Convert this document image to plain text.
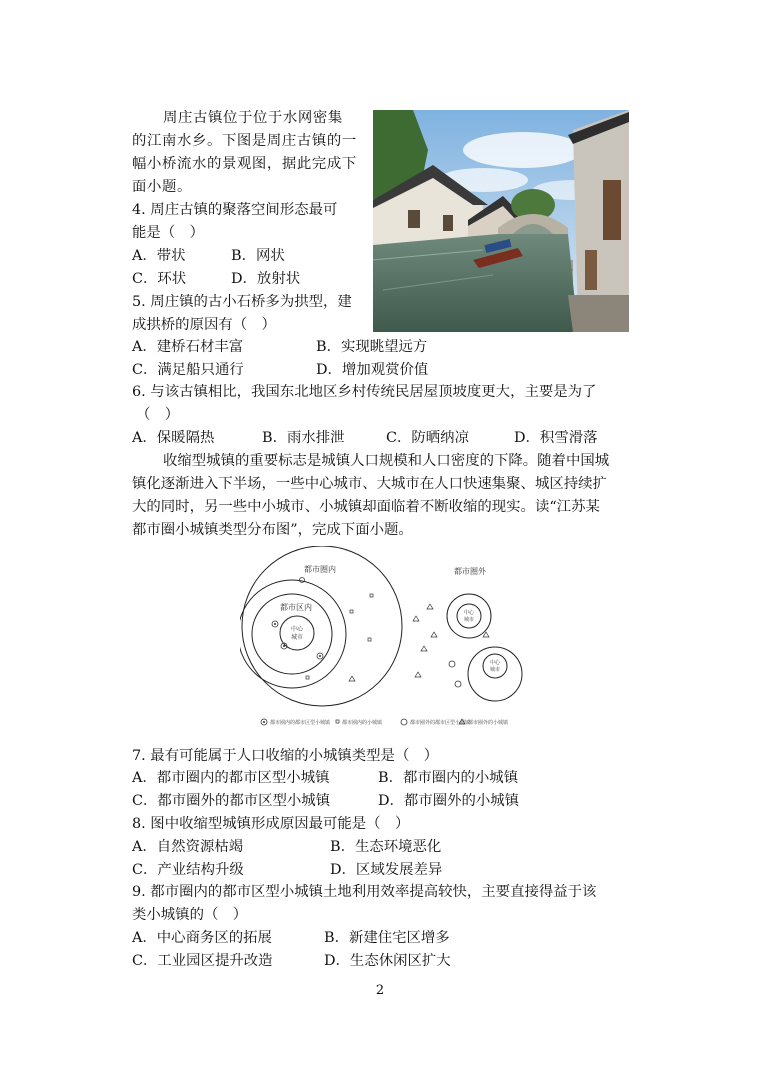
周庄古镇位于位于水网密集
的江南水乡。下图是周庄古镇的一
幅小桥流水的景观图，据此完成下
面小题。
4. 周庄古镇的聚落空间形态最可
能是（　）
A．带状	B．网状
C．环状	D．放射状
5. 周庄镇的古小石桥多为拱型，建
成拱桥的原因有（　）
A．建桥石材丰富	B．实现眺望远方
C．满足船只通行	D．增加观赏价值
6. 与该古镇相比，我国东北地区乡村传统民居屋顶坡度更大，主要是为了
（　）
A．保暖隔热	B．雨水排泄	C．防晒纳凉	D．积雪滑落
收缩型城镇的重要标志是城镇人口规模和人口密度的下降。随着中国城
镇化逐渐进入下半场，一些中心城市、大城市在人口快速集聚、城区持续扩
大的同时，另一些中小城市、小城镇却面临着不断收缩的现实。读“江苏某
都市圈小城镇类型分布图”，完成下面小题。
都市圈内	都市圈外
都市区内
中心
城市
中心
城市
中心
城市
都市圈内的都市区型小城镇 都市圈内的小城镇	都市圈外的都市区型小城镇
都市圈外的小城镇
7. 最有可能属于人口收缩的小城镇类型是（　）
A．都市圈内的都市区型小城镇	B．都市圈内的小城镇
C．都市圈外的都市区型小城镇	D．都市圈外的小城镇
8. 图中收缩型城镇形成原因最可能是（　）
A．自然资源枯竭	B．生态环境恶化
C．产业结构升级	D．区域发展差异
9. 都市圈内的都市区型小城镇土地利用效率提高较快，主要直接得益于该
类小城镇的（　）
A．中心商务区的拓展	B．新建住宅区增多
C．工业园区提升改造	D．生态休闲区扩大
2
